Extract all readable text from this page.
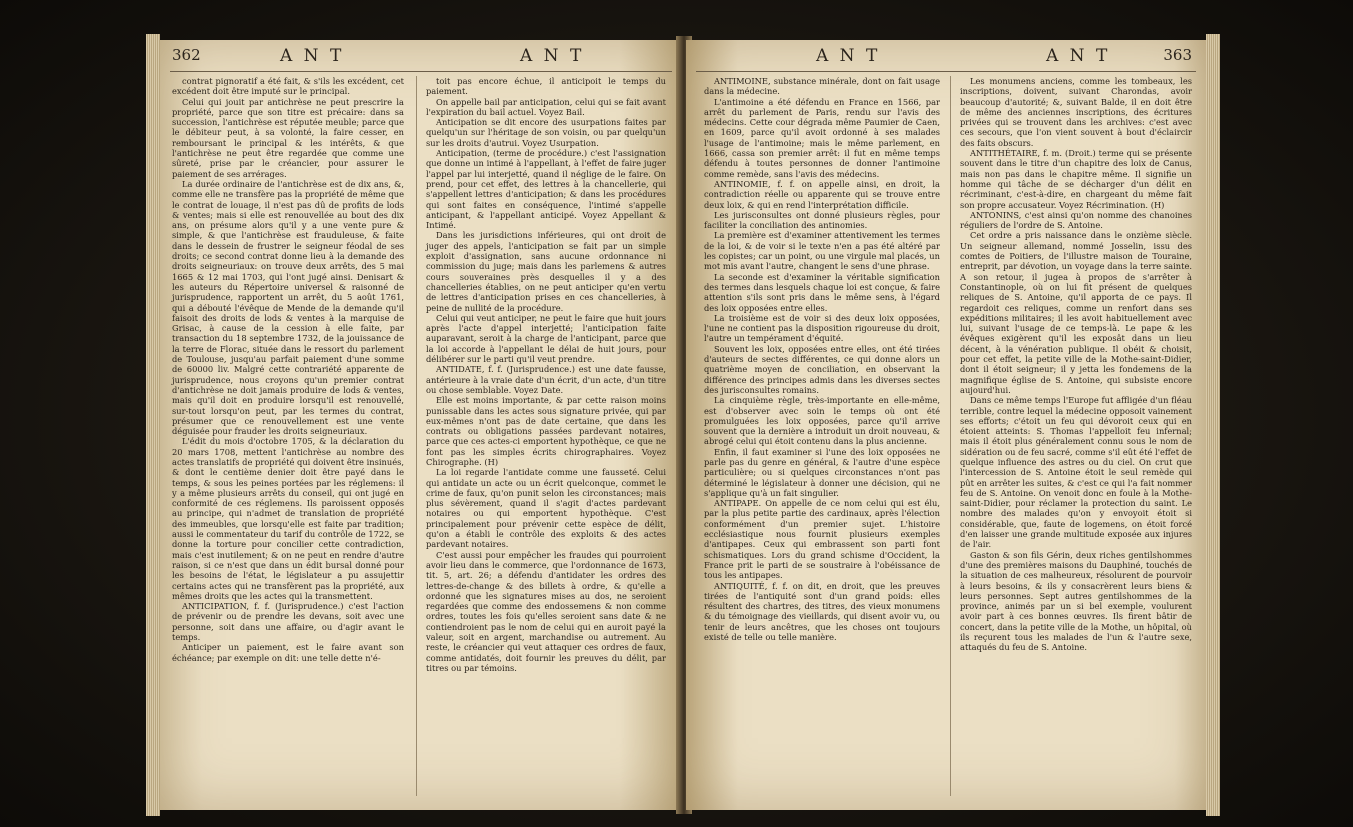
362	A N T	A N T

contrat pignoratif a été fait, & s'ils les excédent, cet excédent doit être imputé sur le principal.

Celui qui jouit par antichrèse ne peut prescrire la propriété, parce que son titre est précaire: dans sa succession, l'antichrèse est réputée meuble; parce que le débiteur peut, à sa volonté, la faire cesser, en remboursant le principal & les intérêts, & que l'antichrèse ne peut être regardée que comme une sûreté, prise par le créancier, pour assurer le paiement de ses arrérages.

La durée ordinaire de l'antichrèse est de dix ans, &, comme elle ne transfère pas la propriété de même que le contrat de louage, il n'est pas dû de profits de lods & ventes; mais si elle est renouvellée au bout des dix ans, on présume alors qu'il y a une vente pure & simple, & que l'antichrèse est frauduleuse, & faite dans le dessein de frustrer le seigneur féodal de ses droits; ce second contrat donne lieu à la demande des droits seigneuriaux: on trouve deux arrêts, des 5 mai 1665 & 12 mai 1703, qui l'ont jugé ainsi. Denisart & les auteurs du Répertoire universel & raisonné de jurisprudence, rapportent un arrêt, du 5 août 1761, qui a débouté l'évêque de Mende de la demande qu'il faisoit des droits de lods & ventes à la marquise de Grisac, à cause de la cession à elle faite, par transaction du 18 septembre 1732, de la jouissance de la terre de Florac, située dans le ressort du parlement de Toulouse, jusqu'au parfait paiement d'une somme de 60000 liv. Malgré cette contrariété apparente de jurisprudence, nous croyons qu'un premier contrat d'antichrèse ne doit jamais produire de lods & ventes, mais qu'il doit en produire lorsqu'il est renouvellé, sur-tout lorsqu'on peut, par les termes du contrat, présumer que ce renouvellement est une vente déguisée pour frauder les droits seigneuriaux.

L'édit du mois d'octobre 1705, & la déclaration du 20 mars 1708, mettent l'antichrèse au nombre des actes translatifs de propriété qui doivent être insinués, & dont le centième denier doit être payé dans le temps, & sous les peines portées par les réglemens: il y a même plusieurs arrêts du conseil, qui ont jugé en conformité de ces réglemens. Ils paroissent opposés au principe, qui n'admet de translation de propriété des immeubles, que lorsqu'elle est faite par tradition; aussi le commentateur du tarif du contrôle de 1722, se donne la torture pour concilier cette contradiction, mais c'est inutilement; & on ne peut en rendre d'autre raison, si ce n'est que dans un édit bursal donné pour les besoins de l'état, le législateur a pu assujettir certains actes qui ne transfèrent pas la propriété, aux mêmes droits que les actes qui la transmettent.

ANTICIPATION, f. f. (Jurisprudence.) c'est l'action de prévenir ou de prendre les devans, soit avec une personne, soit dans une affaire, ou d'agir avant le temps.

Anticiper un paiement, est le faire avant son échéance; par exemple on dit: une telle dette n'é-

toit pas encore échue, il anticipoit le temps du paiement.

On appelle bail par anticipation, celui qui se fait avant l'expiration du bail actuel. Voyez Bail.

Anticipation se dit encore des usurpations faites par quelqu'un sur l'héritage de son voisin, ou par quelqu'un sur les droits d'autrui. Voyez Usurpation.

Anticipation, (terme de procédure.) c'est l'assignation que donne un intimé à l'appellant, à l'effet de faire juger l'appel par lui interjetté, quand il néglige de le faire. On prend, pour cet effet, des lettres à la chancellerie, qui s'appellent lettres d'anticipation; & dans les procédures qui sont faites en conséquence, l'intimé s'appelle anticipant, & l'appellant anticipé. Voyez Appellant & Intimé.

Dans les jurisdictions inférieures, qui ont droit de juger des appels, l'anticipation se fait par un simple exploit d'assignation, sans aucune ordonnance ni commission du juge; mais dans les parlemens & autres cours souveraines près desquelles il y a des chancelleries établies, on ne peut anticiper qu'en vertu de lettres d'anticipation prises en ces chancelleries, à peine de nullité de la procédure.

Celui qui veut anticiper, ne peut le faire que huit jours après l'acte d'appel interjetté; l'anticipation faite auparavant, seroit à la charge de l'anticipant, parce que la loi accorde à l'appellant le délai de huit jours, pour délibérer sur le parti qu'il veut prendre.

ANTIDATE, f. f. (Jurisprudence.) est une date fausse, antérieure à la vraie date d'un écrit, d'un acte, d'un titre ou chose semblable. Voyez Date.

Elle est moins importante, & par cette raison moins punissable dans les actes sous signature privée, qui par eux-mêmes n'ont pas de date certaine, que dans les contrats ou obligations passées pardevant notaires, parce que ces actes-ci emportent hypothèque, ce que ne font pas les simples écrits chirographaires. Voyez Chirographe. (H)

La loi regarde l'antidate comme une fausseté. Celui qui antidate un acte ou un écrit quelconque, commet le crime de faux, qu'on punit selon les circonstances; mais plus sévèrement, quand il s'agit d'actes pardevant notaires ou qui emportent hypothèque. C'est principalement pour prévenir cette espèce de délit, qu'on a établi le contrôle des exploits & des actes pardevant notaires.

C'est aussi pour empêcher les fraudes qui pourroient avoir lieu dans le commerce, que l'ordonnance de 1673, tit. 5, art. 26; a défendu d'antidater les ordres des lettres-de-change & des billets à ordre, & qu'elle a ordonné que les signatures mises au dos, ne seroient regardées que comme des endossemens & non comme ordres, toutes les fois qu'elles seroient sans date & ne contiendroient pas le nom de celui qui en auroit payé la valeur, soit en argent, marchandise ou autrement. Au reste, le créancier qui veut attaquer ces ordres de faux, comme antidatés, doit fournir les preuves du délit, par titres ou par témoins.

A N T	A N T	363

ANTIMOINE, substance minérale, dont on fait usage dans la médecine.

L'antimoine a été défendu en France en 1566, par arrêt du parlement de Paris, rendu sur l'avis des médecins. Cette cour dégrada même Paumier de Caen, en 1609, parce qu'il avoit ordonné à ses malades l'usage de l'antimoine; mais le même parlement, en 1666, cassa son premier arrêt: il fut en même temps défendu à toutes personnes de donner l'antimoine comme remède, sans l'avis des médecins.

ANTINOMIE, f. f. on appelle ainsi, en droit, la contradiction réelle ou apparente qui se trouve entre deux loix, & qui en rend l'interprétation difficile.

Les jurisconsultes ont donné plusieurs règles, pour faciliter la conciliation des antinomies.

La première est d'examiner attentivement les termes de la loi, & de voir si le texte n'en a pas été altéré par les copistes; car un point, ou une virgule mal placés, un mot mis avant l'autre, changent le sens d'une phrase.

La seconde est d'examiner la véritable signification des termes dans lesquels chaque loi est conçue, & faire attention s'ils sont pris dans le même sens, à l'égard des loix opposées entre elles.

La troisième est de voir si des deux loix opposées, l'une ne contient pas la disposition rigoureuse du droit, l'autre un tempérament d'équité.

Souvent les loix, opposées entre elles, ont été tirées d'auteurs de sectes différentes, ce qui donne alors un quatrième moyen de conciliation, en observant la différence des principes admis dans les diverses sectes des jurisconsultes romains.

La cinquième règle, très-importante en elle-même, est d'observer avec soin le temps où ont été promulguées les loix opposées, parce qu'il arrive souvent que la dernière a introduit un droit nouveau, & abrogé celui qui étoit contenu dans la plus ancienne.

Enfin, il faut examiner si l'une des loix opposées ne parle pas du genre en général, & l'autre d'une espèce particulière; ou si quelques circonstances n'ont pas déterminé le législateur à donner une décision, qui ne s'applique qu'à un fait singulier.

ANTIPAPE. On appelle de ce nom celui qui est élu, par la plus petite partie des cardinaux, après l'élection conformément d'un premier sujet. L'histoire ecclésiastique nous fournit plusieurs exemples d'antipapes. Ceux qui embrassent son parti font schismatiques. Lors du grand schisme d'Occident, la France prit le parti de se soustraire à l'obéissance de tous les antipapes.

ANTIQUITÉ, f. f. on dit, en droit, que les preuves tirées de l'antiquité sont d'un grand poids: elles résultent des chartres, des titres, des vieux monumens & du témoignage des vieillards, qui disent avoir vu, ou tenir de leurs ancêtres, que les choses ont toujours existé de telle ou telle manière.

Les monumens anciens, comme les tombeaux, les inscriptions, doivent, suivant Charondas, avoir beaucoup d'autorité; &, suivant Balde, il en doit être de même des anciennes inscriptions, des écritures privées qui se trouvent dans les archives: c'est avec ces secours, que l'on vient souvent à bout d'éclaircir des faits obscurs.

ANTITHÉTAIRE, f. m. (Droit.) terme qui se présente souvent dans le titre d'un chapitre des loix de Canus, mais non pas dans le chapitre même. Il signifie un homme qui tâche de se décharger d'un délit en récriminant, c'est-à-dire, en chargeant du même fait son propre accusateur. Voyez Récrimination. (H)

ANTONINS, c'est ainsi qu'on nomme des chanoines réguliers de l'ordre de S. Antoine.

Cet ordre a pris naissance dans le onzième siècle. Un seigneur allemand, nommé Josselin, issu des comtes de Poitiers, de l'illustre maison de Touraine, entreprit, par dévotion, un voyage dans la terre sainte. A son retour, il jugea à propos de s'arrêter à Constantinople, où on lui fit présent de quelques reliques de S. Antoine, qu'il apporta de ce pays. Il regardoit ces reliques, comme un renfort dans ses expéditions militaires; il les avoit habituellement avec lui, suivant l'usage de ce temps-là. Le pape & les évêques exigèrent qu'il les exposât dans un lieu décent, à la vénération publique. Il obéit & choisit, pour cet effet, la petite ville de la Mothe-saint-Didier, dont il étoit seigneur; il y jetta les fondemens de la magnifique église de S. Antoine, qui subsiste encore aujourd'hui.

Dans ce même temps l'Europe fut affligée d'un fléau terrible, contre lequel la médecine opposoit vainement ses efforts; c'étoit un feu qui dévoroit ceux qui en étoient atteints: S. Thomas l'appelloit feu infernal; mais il étoit plus généralement connu sous le nom de sidération ou de feu sacré, comme s'il eût été l'effet de quelque influence des astres ou du ciel. On crut que l'intercession de S. Antoine étoit le seul remède qui pût en arrêter les suites, & c'est ce qui l'a fait nommer feu de S. Antoine. On venoit donc en foule à la Mothe-saint-Didier, pour réclamer la protection du saint. Le nombre des malades qu'on y envoyoit étoit si considérable, que, faute de logemens, on étoit forcé d'en laisser une grande multitude exposée aux injures de l'air.

Gaston & son fils Gérin, deux riches gentilshommes d'une des premières maisons du Dauphiné, touchés de la situation de ces malheureux, résolurent de pourvoir à leurs besoins, & ils y consacrèrent leurs biens & leurs personnes. Sept autres gentilshommes de la province, animés par un si bel exemple, voulurent avoir part à ces bonnes œuvres. Ils firent bâtir de concert, dans la petite ville de la Mothe, un hôpital, où ils reçurent tous les malades de l'un & l'autre sexe, attaqués du feu de S. Antoine.
